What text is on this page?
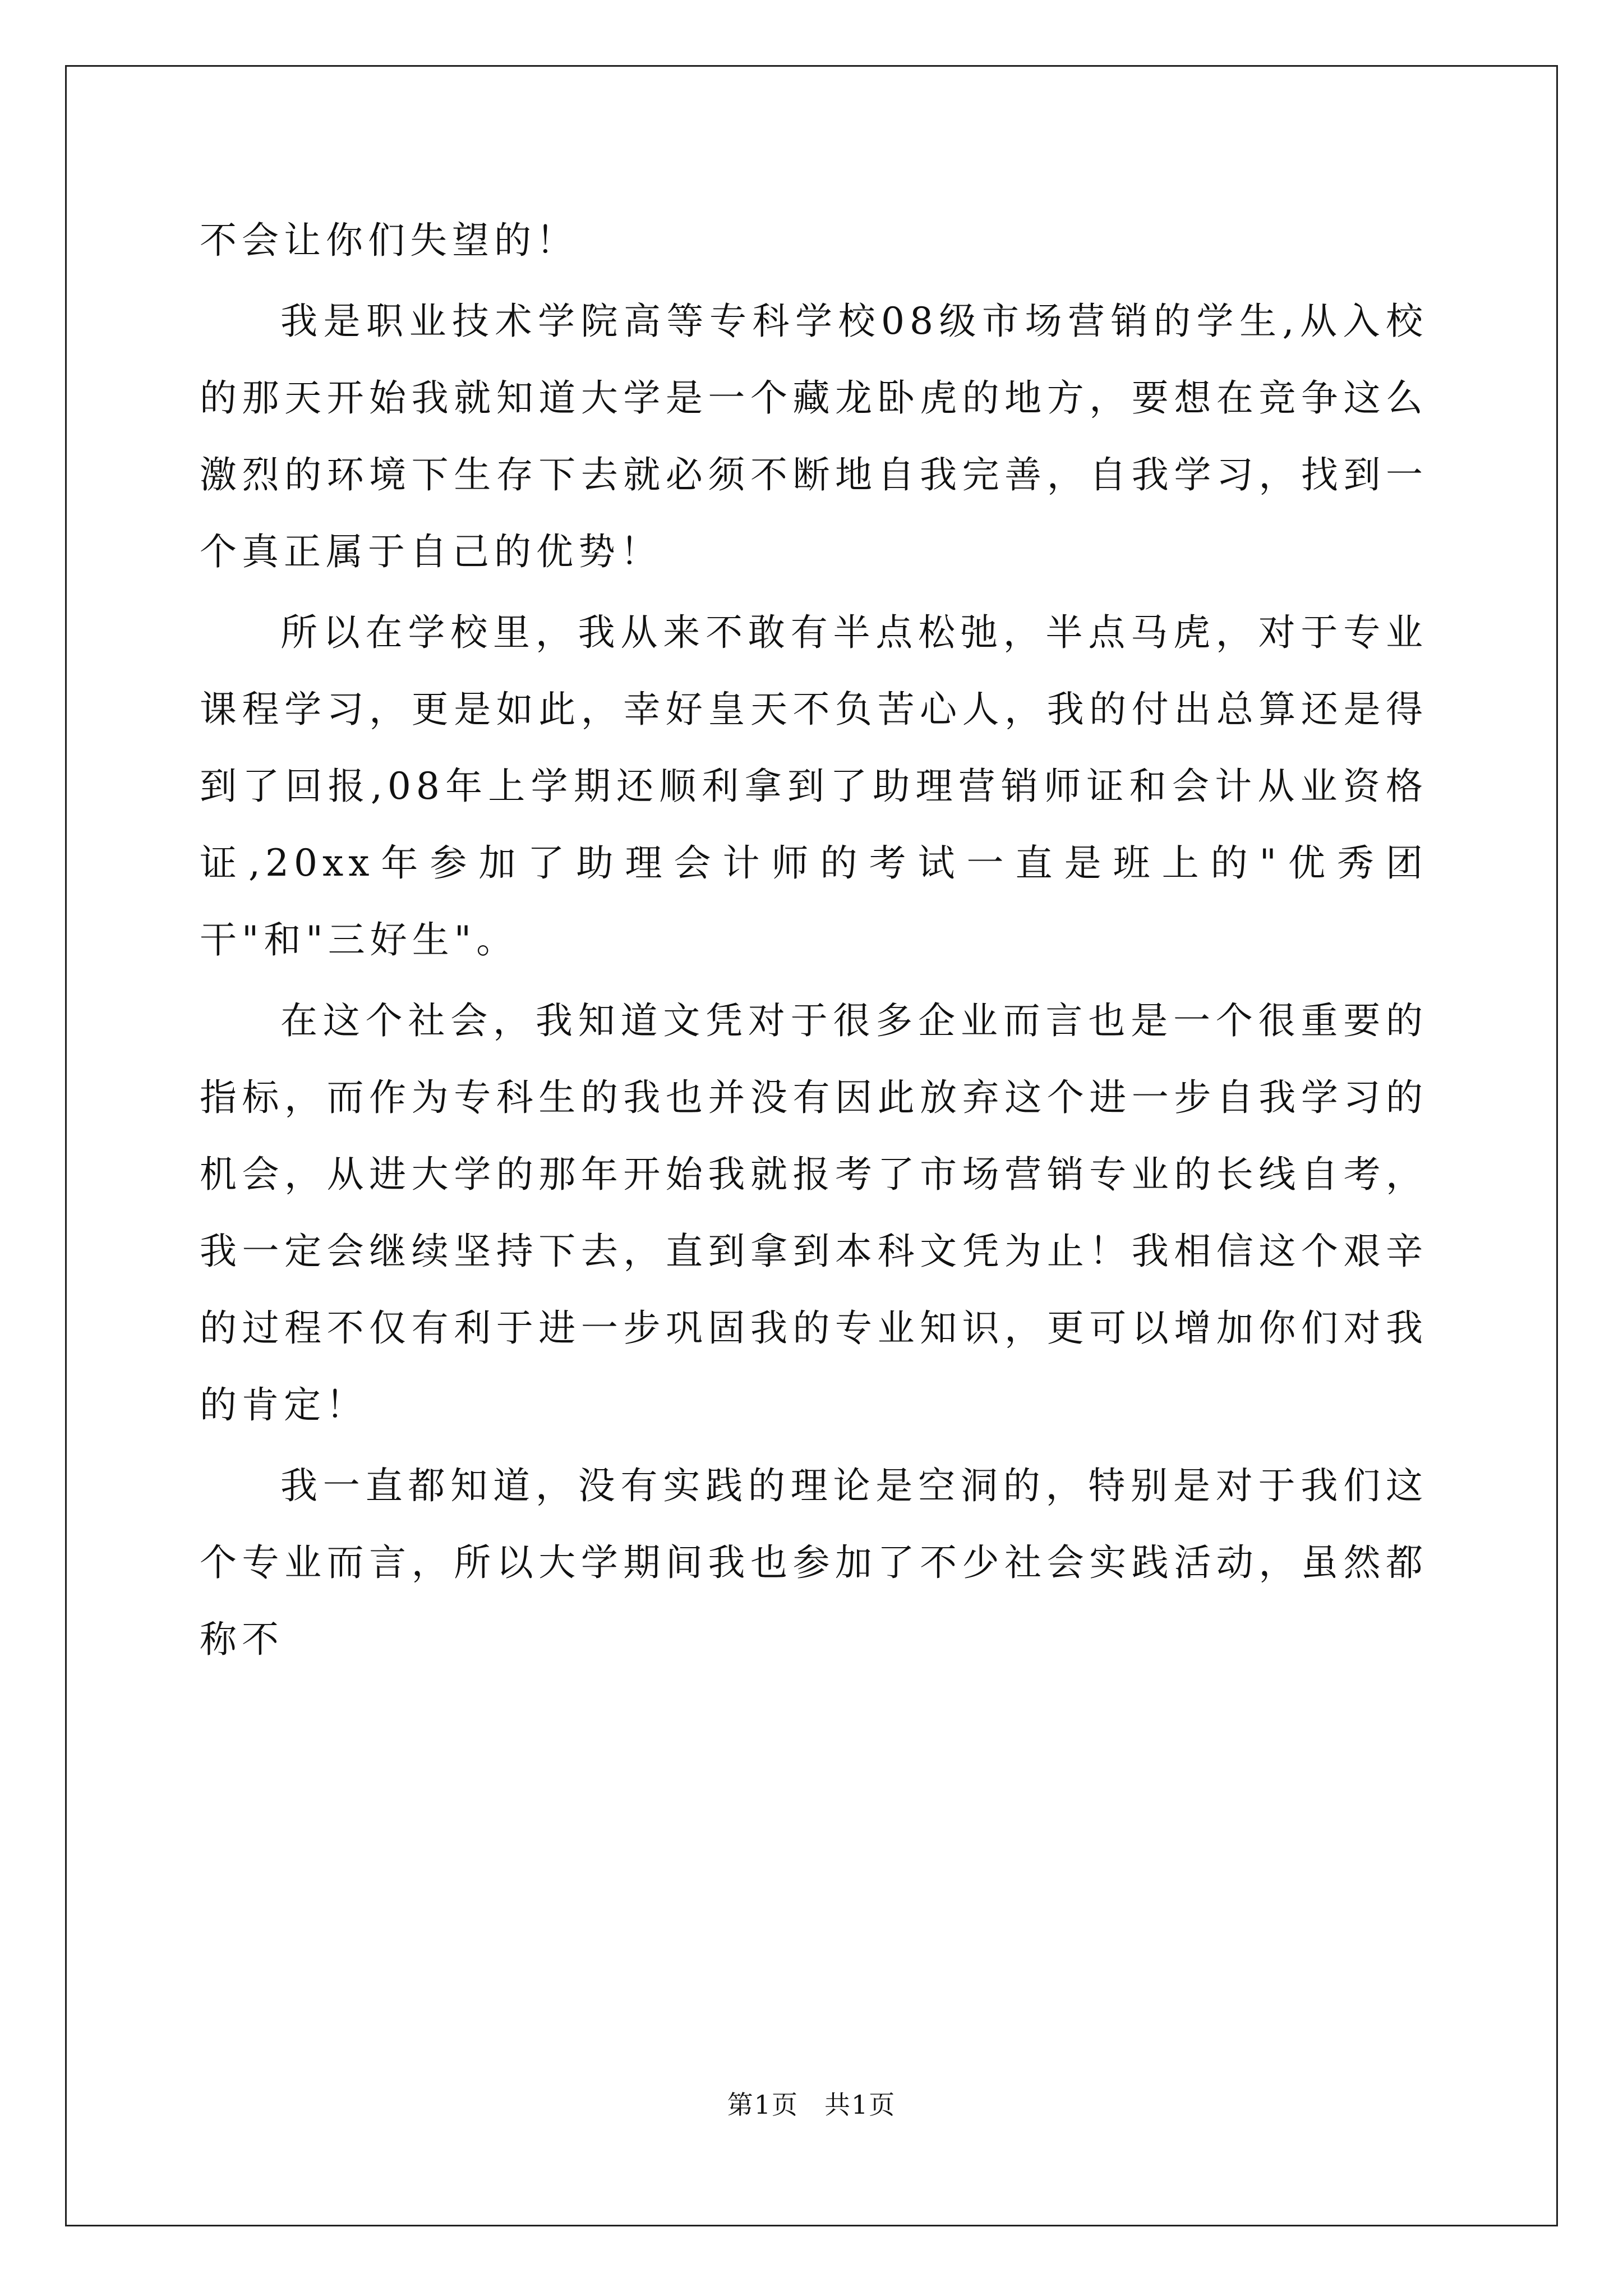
不会让你们失望的！

我是职业技术学院高等专科学校08级市场营销的学生,从入校的那天开始我就知道大学是一个藏龙卧虎的地方，要想在竞争这么激烈的环境下生存下去就必须不断地自我完善，自我学习，找到一个真正属于自己的优势！

所以在学校里，我从来不敢有半点松弛，半点马虎，对于专业课程学习，更是如此，幸好皇天不负苦心人，我的付出总算还是得到了回报,08年上学期还顺利拿到了助理营销师证和会计从业资格证,20xx年参加了助理会计师的考试一直是班上的"优秀团干"和"三好生"。

在这个社会，我知道文凭对于很多企业而言也是一个很重要的指标，而作为专科生的我也并没有因此放弃这个进一步自我学习的机会，从进大学的那年开始我就报考了市场营销专业的长线自考，我一定会继续坚持下去，直到拿到本科文凭为止！我相信这个艰辛的过程不仅有利于进一步巩固我的专业知识，更可以增加你们对我的肯定！

我一直都知道，没有实践的理论是空洞的，特别是对于我们这个专业而言，所以大学期间我也参加了不少社会实践活动，虽然都称不

第1页 共1页
